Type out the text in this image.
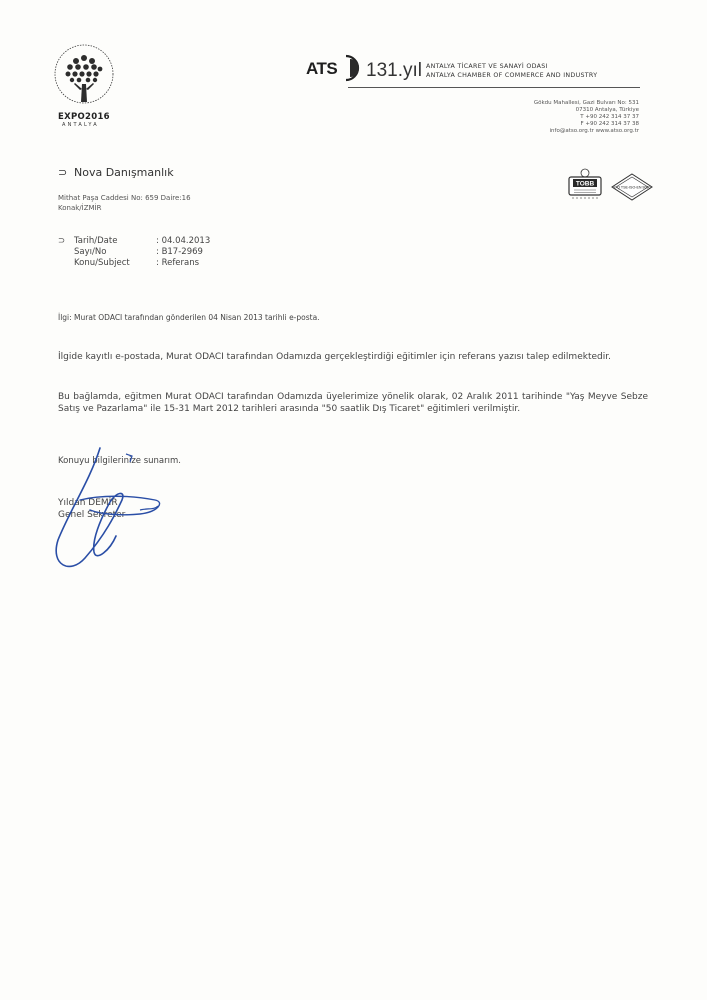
EXPO2016
ANTALYA
ATS 131.yıl ANTALYA TİCARET VE SANAYİ ODASI
ANTALYA CHAMBER OF COMMERCE AND INDUSTRY
Gökdu Mahallesi, Gazi Bulvarı No: 531
07310 Antalya, Türkiye
T +90 242 314 37 37
F +90 242 314 37 38
info@atso.org.tr www.atso.org.tr
TOBB	K-Q TSE-ISO-EN 9000
⊃ Nova Danışmanlık
Mithat Paşa Caddesi No: 659 Daire:16
Konak/İZMİR
⊃	Tarih/Date	: 04.04.2013
Sayı/No	: B17-2969
Konu/Subject	: Referans
İlgi: Murat ODACI tarafından gönderilen 04 Nisan 2013 tarihli e-posta.
İlgide kayıtlı e-postada, Murat ODACI tarafından Odamızda gerçekleştirdiği eğitimler için referans yazısı talep edilmektedir.
Bu bağlamda, eğitmen Murat ODACI tarafından Odamızda üyelerimize yönelik olarak, 02 Aralık 2011 tarihinde "Yaş Meyve Sebze Satış ve Pazarlama" ile 15-31 Mart 2012 tarihleri arasında "50 saatlik Dış Ticaret" eğitimleri verilmiştir.
Konuyu bilgilerinize sunarım.
Yıldan DEMİR
Genel Sekreter
